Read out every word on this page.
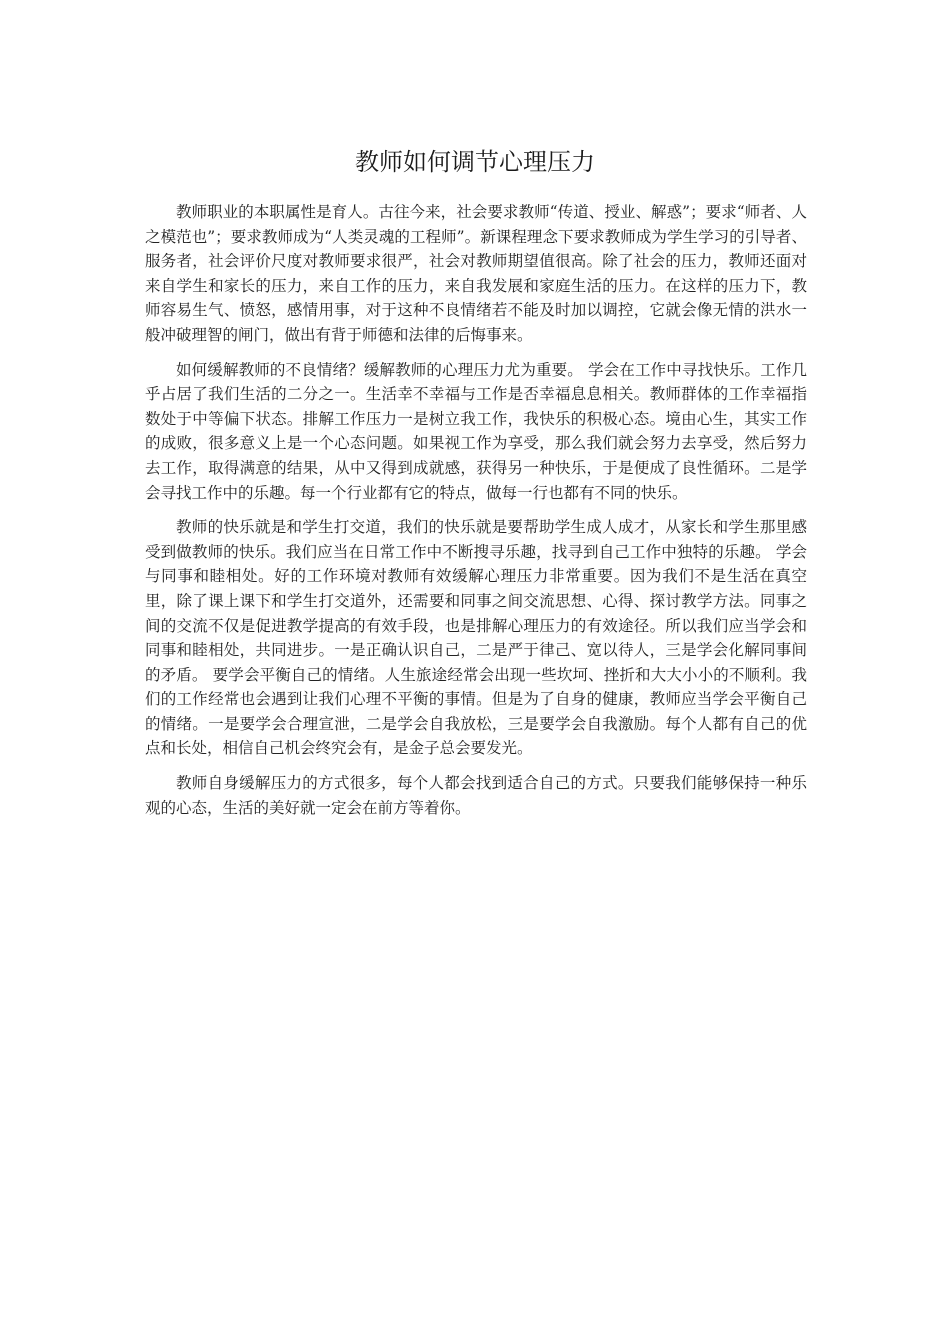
教师如何调节心理压力

教师职业的本职属性是育人。古往今来，社会要求教师“传道、授业、解惑”；要求“师者、人之模范也”；要求教师成为“人类灵魂的工程师”。新课程理念下要求教师成为学生学习的引导者、服务者，社会评价尺度对教师要求很严，社会对教师期望值很高。除了社会的压力，教师还面对来自学生和家长的压力，来自工作的压力，来自我发展和家庭生活的压力。在这样的压力下，教师容易生气、愤怒，感情用事，对于这种不良情绪若不能及时加以调控，它就会像无情的洪水一般冲破理智的闸门，做出有背于师德和法律的后悔事来。

如何缓解教师的不良情绪？缓解教师的心理压力尤为重要。 学会在工作中寻找快乐。工作几乎占居了我们生活的二分之一。生活幸不幸福与工作是否幸福息息相关。教师群体的工作幸福指数处于中等偏下状态。排解工作压力一是树立我工作，我快乐的积极心态。境由心生，其实工作的成败，很多意义上是一个心态问题。如果视工作为享受，那么我们就会努力去享受，然后努力去工作，取得满意的结果，从中又得到成就感，获得另一种快乐，于是便成了良性循环。二是学会寻找工作中的乐趣。每一个行业都有它的特点，做每一行也都有不同的快乐。

教师的快乐就是和学生打交道，我们的快乐就是要帮助学生成人成才，从家长和学生那里感受到做教师的快乐。我们应当在日常工作中不断搜寻乐趣，找寻到自己工作中独特的乐趣。 学会与同事和睦相处。好的工作环境对教师有效缓解心理压力非常重要。因为我们不是生活在真空里，除了课上课下和学生打交道外，还需要和同事之间交流思想、心得、探讨教学方法。同事之间的交流不仅是促进教学提高的有效手段，也是排解心理压力的有效途径。所以我们应当学会和同事和睦相处，共同进步。一是正确认识自己，二是严于律己、宽以待人，三是学会化解同事间的矛盾。 要学会平衡自己的情绪。人生旅途经常会出现一些坎坷、挫折和大大小小的不顺利。我们的工作经常也会遇到让我们心理不平衡的事情。但是为了自身的健康，教师应当学会平衡自己的情绪。一是要学会合理宣泄，二是学会自我放松，三是要学会自我激励。每个人都有自己的优点和长处，相信自己机会终究会有，是金子总会要发光。

教师自身缓解压力的方式很多，每个人都会找到适合自己的方式。只要我们能够保持一种乐观的心态，生活的美好就一定会在前方等着你。
